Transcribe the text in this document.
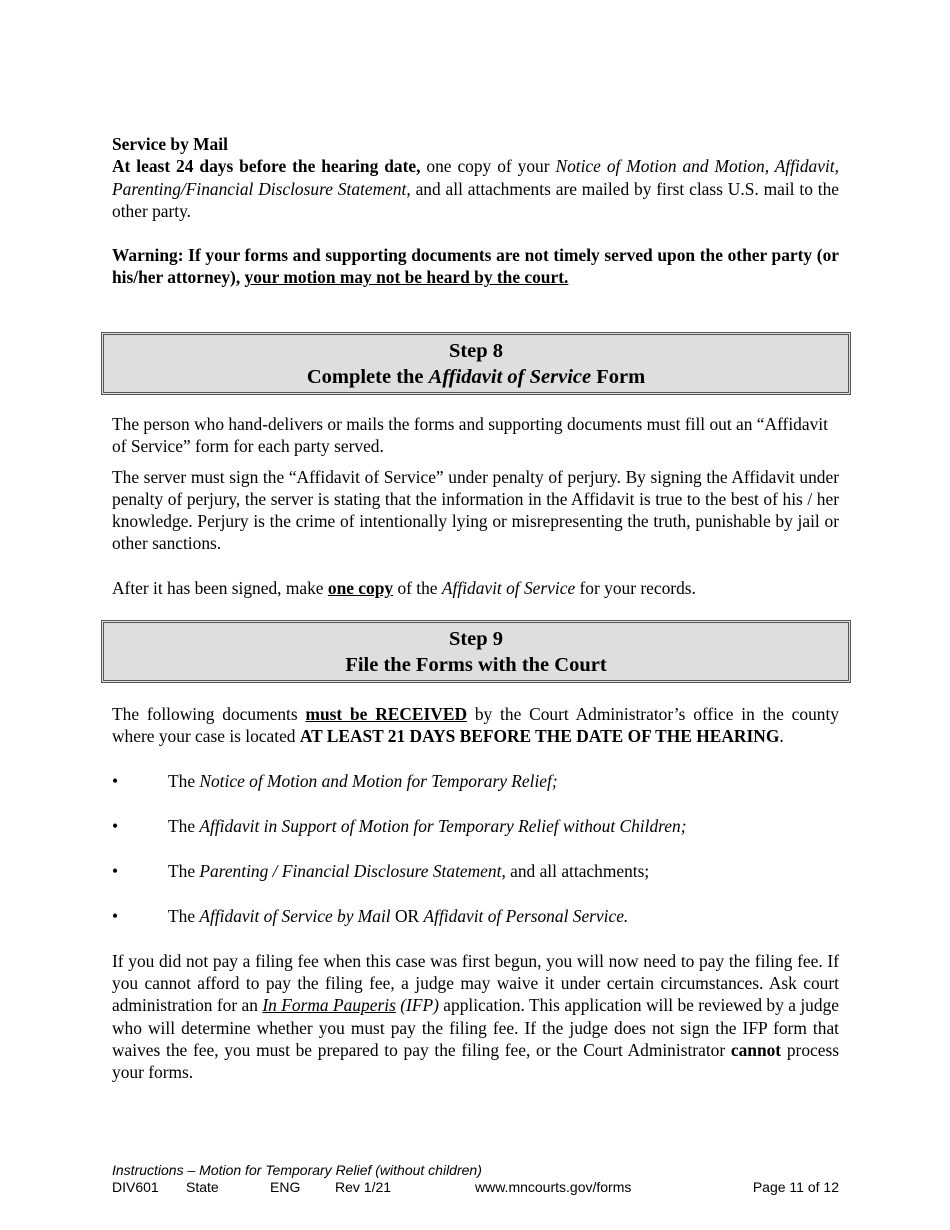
Service by Mail

At least 24 days before the hearing date, one copy of your Notice of Motion and Motion, Affidavit, Parenting/Financial Disclosure Statement, and all attachments are mailed by first class U.S. mail to the other party.

Warning: If your forms and supporting documents are not timely served upon the other party (or his/her attorney), your motion may not be heard by the court.

Step 8
Complete the Affidavit of Service Form

The person who hand-delivers or mails the forms and supporting documents must fill out an “Affidavit of Service” form for each party served.

The server must sign the “Affidavit of Service” under penalty of perjury. By signing the Affidavit under penalty of perjury, the server is stating that the information in the Affidavit is true to the best of his / her knowledge. Perjury is the crime of intentionally lying or misrepresenting the truth, punishable by jail or other sanctions.

After it has been signed, make one copy of the Affidavit of Service for your records.

Step 9
File the Forms with the Court

The following documents must be RECEIVED by the Court Administrator’s office in the county where your case is located AT LEAST 21 DAYS BEFORE THE DATE OF THE HEARING.

•	The Notice of Motion and Motion for Temporary Relief;
•	The Affidavit in Support of Motion for Temporary Relief without Children;
•	The Parenting / Financial Disclosure Statement, and all attachments;
•	The Affidavit of Service by Mail OR Affidavit of Personal Service.

If you did not pay a filing fee when this case was first begun, you will now need to pay the filing fee. If you cannot afford to pay the filing fee, a judge may waive it under certain circumstances. Ask court administration for an In Forma Pauperis (IFP) application. This application will be reviewed by a judge who will determine whether you must pay the filing fee. If the judge does not sign the IFP form that waives the fee, you must be prepared to pay the filing fee, or the Court Administrator cannot process your forms.

Instructions – Motion for Temporary Relief (without children)
DIV601 State	ENG Rev 1/21	www.mncourts.gov/forms	Page 11 of 12
